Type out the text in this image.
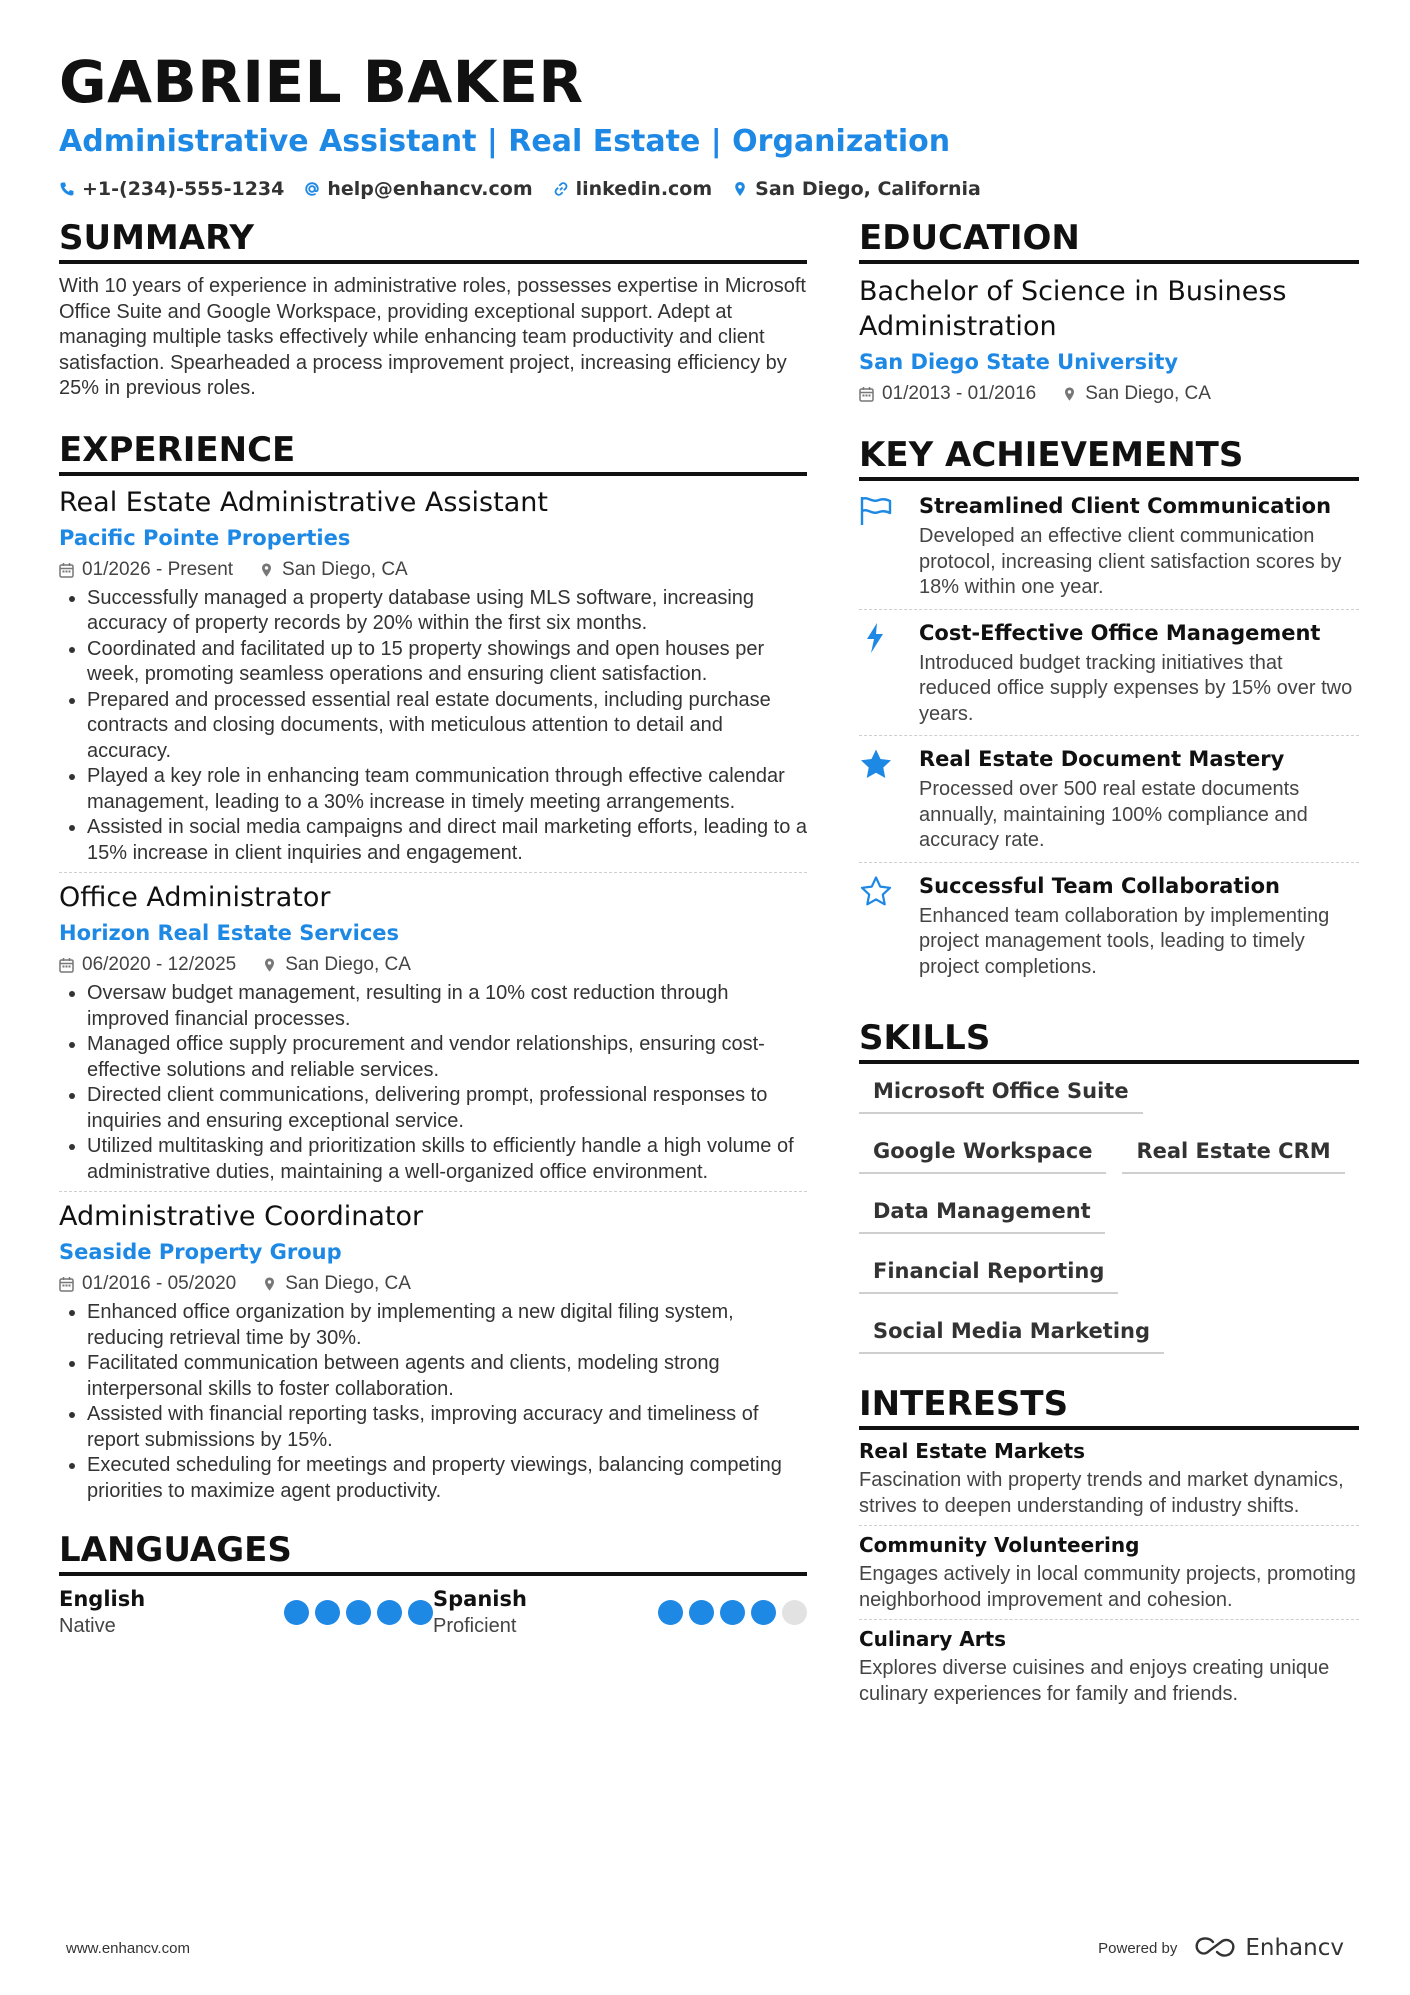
GABRIEL BAKER
Administrative Assistant | Real Estate | Organization
+1-(234)-555-1234 help@enhancv.com linkedin.com San Diego, California
SUMMARY

With 10 years of experience in administrative roles, possesses expertise in Microsoft Office Suite and Google Workspace, providing exceptional support. Adept at managing multiple tasks effectively while enhancing team productivity and client satisfaction. Spearheaded a process improvement project, increasing efficiency by 25% in previous roles.

EXPERIENCE
Real Estate Administrative Assistant
Pacific Pointe Properties
01/2026 - Present	San Diego, CA
• Successfully managed a property database using MLS software, increasing accuracy of property records by 20% within the first six months.
• Coordinated and facilitated up to 15 property showings and open houses per week, promoting seamless operations and ensuring client satisfaction.
• Prepared and processed essential real estate documents, including purchase contracts and closing documents, with meticulous attention to detail and accuracy.
• Played a key role in enhancing team communication through effective calendar management, leading to a 30% increase in timely meeting arrangements.
• Assisted in social media campaigns and direct mail marketing efforts, leading to a 15% increase in client inquiries and engagement.
Office Administrator
Horizon Real Estate Services
06/2020 - 12/2025	San Diego, CA
• Oversaw budget management, resulting in a 10% cost reduction through improved financial processes.
• Managed office supply procurement and vendor relationships, ensuring cost-effective solutions and reliable services.
• Directed client communications, delivering prompt, professional responses to inquiries and ensuring exceptional service.
• Utilized multitasking and prioritization skills to efficiently handle a high volume of administrative duties, maintaining a well-organized office environment.
Administrative Coordinator
Seaside Property Group
01/2016 - 05/2020	San Diego, CA
• Enhanced office organization by implementing a new digital filing system, reducing retrieval time by 30%.
• Facilitated communication between agents and clients, modeling strong interpersonal skills to foster collaboration.
• Assisted with financial reporting tasks, improving accuracy and timeliness of report submissions by 15%.
• Executed scheduling for meetings and property viewings, balancing competing priorities to maximize agent productivity.
LANGUAGES
English
Native
Spanish
Proficient
EDUCATION
Bachelor of Science in Business Administration
San Diego State University
01/2013 - 01/2016	San Diego, CA
KEY ACHIEVEMENTS
Streamlined Client Communication
Developed an effective client communication protocol, increasing client satisfaction scores by 18% within one year.
Cost-Effective Office Management
Introduced budget tracking initiatives that reduced office supply expenses by 15% over two years.
Real Estate Document Mastery
Processed over 500 real estate documents annually, maintaining 100% compliance and accuracy rate.
Successful Team Collaboration
Enhanced team collaboration by implementing project management tools, leading to timely project completions.
SKILLS
Microsoft Office Suite
Google Workspace	Real Estate CRM
Data Management
Financial Reporting
Social Media Marketing
INTERESTS
Real Estate Markets
Fascination with property trends and market dynamics, strives to deepen understanding of industry shifts.
Community Volunteering
Engages actively in local community projects, promoting neighborhood improvement and cohesion.
Culinary Arts
Explores diverse cuisines and enjoys creating unique culinary experiences for family and friends.
www.enhancv.com	Powered by	Enhancv
